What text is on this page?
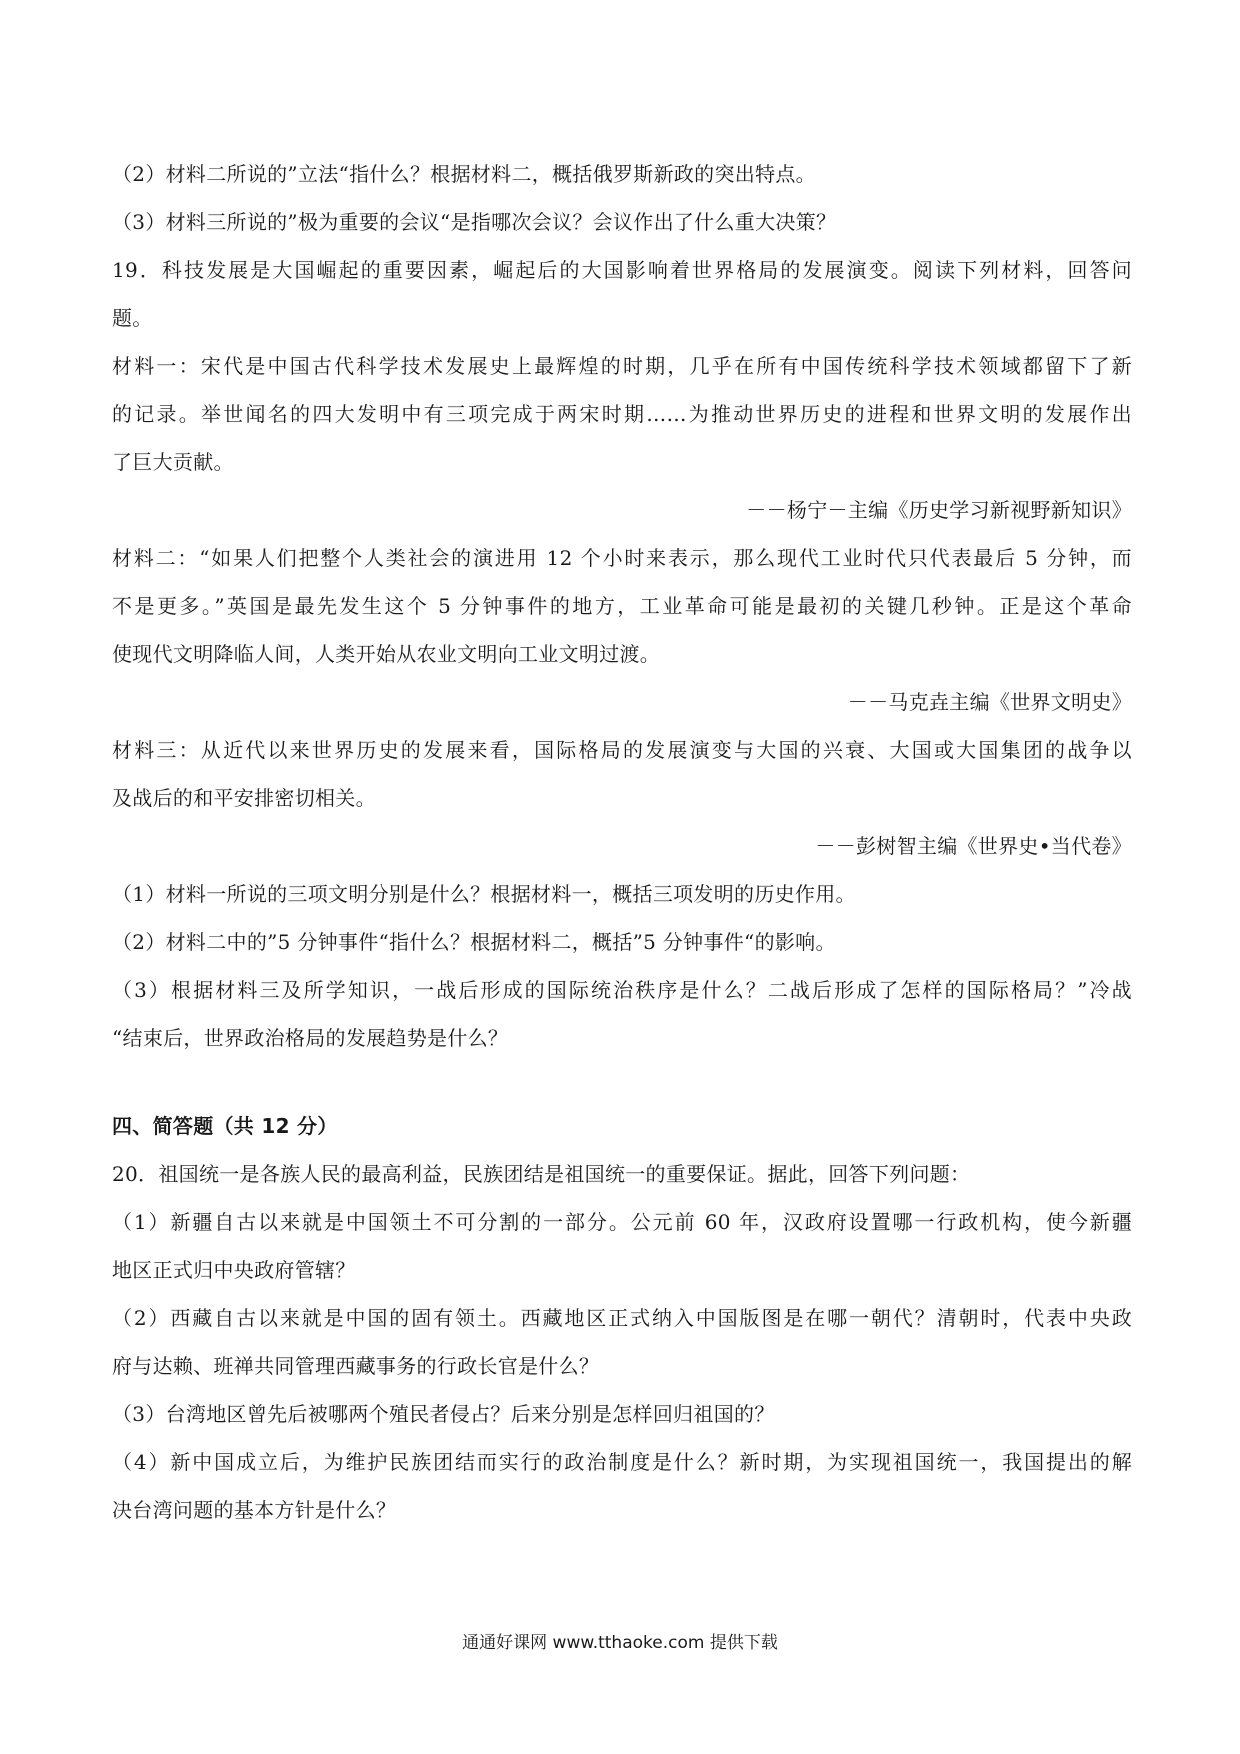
（2）材料二所说的”立法“指什么？根据材料二，概括俄罗斯新政的突出特点。
（3）材料三所说的”极为重要的会议“是指哪次会议？会议作出了什么重大决策？
19．科技发展是大国崛起的重要因素，崛起后的大国影响着世界格局的发展演变。阅读下列材料，回答问
题。
材料一：宋代是中国古代科学技术发展史上最辉煌的时期，几乎在所有中国传统科学技术领域都留下了新
的记录。举世闻名的四大发明中有三项完成于两宋时期……为推动世界历史的进程和世界文明的发展作出
了巨大贡献。
－－杨宁－主编《历史学习新视野新知识》
材料二：“如果人们把整个人类社会的演进用 12 个小时来表示，那么现代工业时代只代表最后 5 分钟，而
不是更多。”英国是最先发生这个 5 分钟事件的地方，工业革命可能是最初的关键几秒钟。正是这个革命
使现代文明降临人间，人类开始从农业文明向工业文明过渡。
－－马克垚主编《世界文明史》
材料三：从近代以来世界历史的发展来看，国际格局的发展演变与大国的兴衰、大国或大国集团的战争以
及战后的和平安排密切相关。
－－彭树智主编《世界史•当代卷》
（1）材料一所说的三项文明分别是什么？根据材料一，概括三项发明的历史作用。
（2）材料二中的”5 分钟事件“指什么？根据材料二，概括”5 分钟事件“的影响。
（3）根据材料三及所学知识，一战后形成的国际统治秩序是什么？二战后形成了怎样的国际格局？”冷战
“结束后，世界政治格局的发展趋势是什么？
四、简答题（共 12 分）
20．祖国统一是各族人民的最高利益，民族团结是祖国统一的重要保证。据此，回答下列问题：
（1）新疆自古以来就是中国领土不可分割的一部分。公元前 60 年，汉政府设置哪一行政机构，使今新疆
地区正式归中央政府管辖？
（2）西藏自古以来就是中国的固有领土。西藏地区正式纳入中国版图是在哪一朝代？清朝时，代表中央政
府与达赖、班禅共同管理西藏事务的行政长官是什么？
（3）台湾地区曾先后被哪两个殖民者侵占？后来分别是怎样回归祖国的？
（4）新中国成立后，为维护民族团结而实行的政治制度是什么？新时期，为实现祖国统一，我国提出的解
决台湾问题的基本方针是什么？
通通好课网 www.tthaoke.com 提供下载
